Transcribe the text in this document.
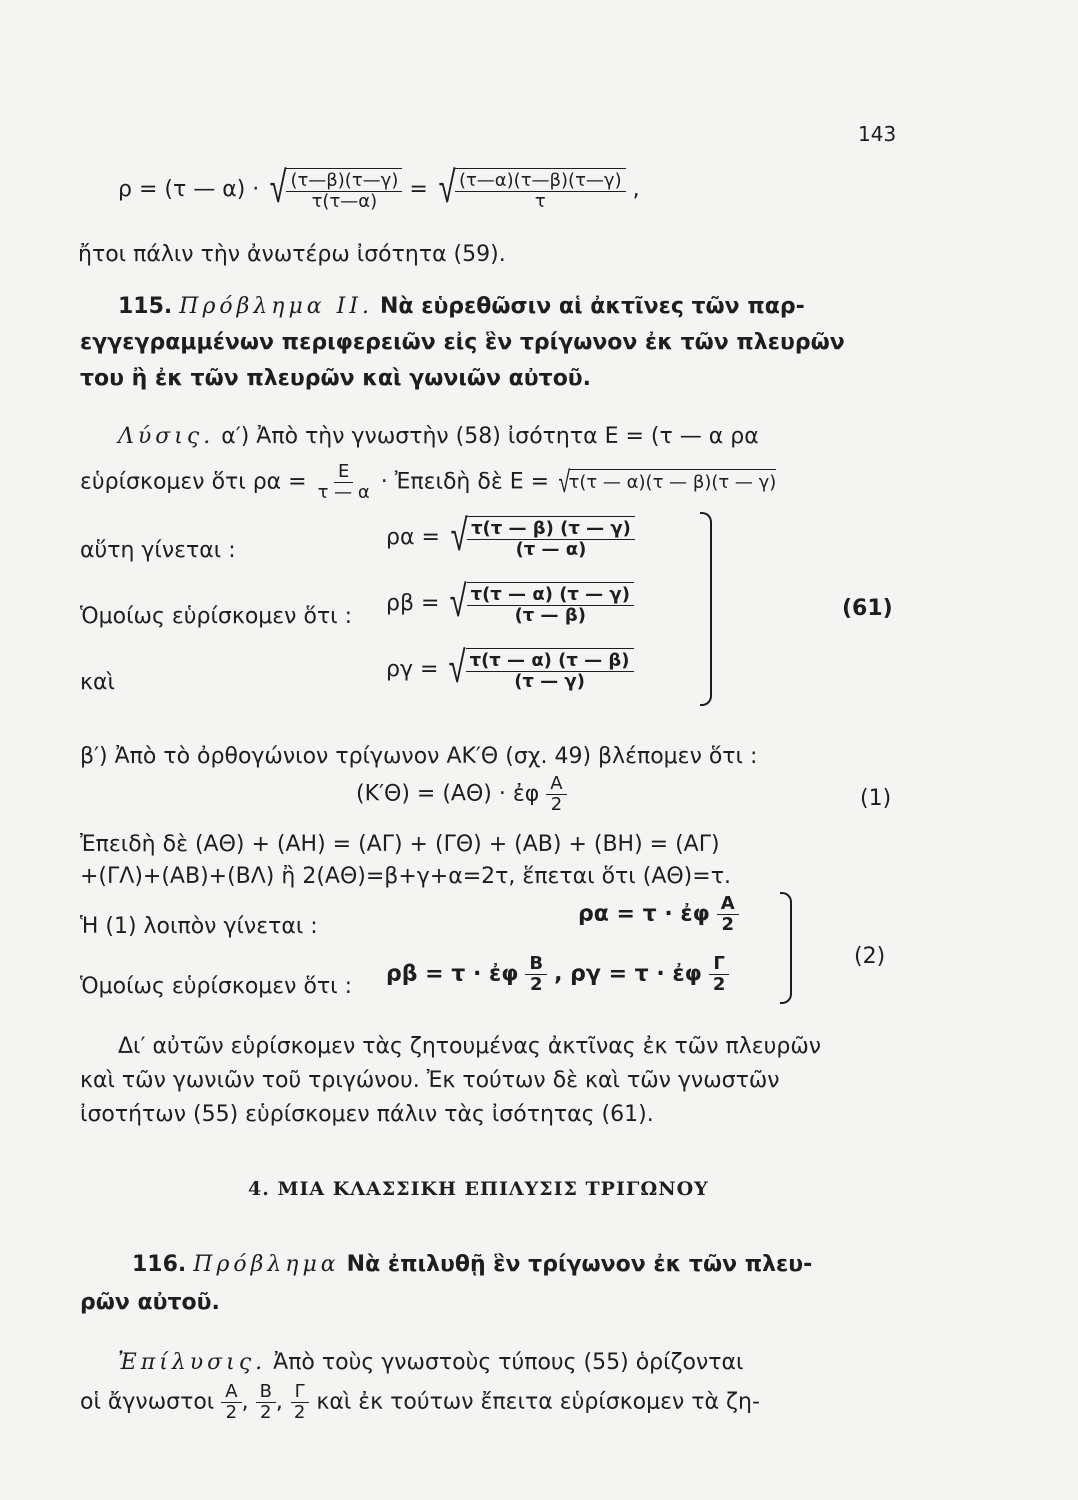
143
ρ = (τ — α) · √ $\frac{(\tau—\beta)(\tau—\gamma)}{\tau(\tau—\alpha)}$ = √ $\frac{(\tau—\alpha)(\tau—\beta)(\tau—\gamma)}{\tau}$ ,
ἤτοι πάλιν τὴν ἀνωτέρω ἰσότητα (59).
115. Πρόβλημα ΙΙ. Νὰ εὑρεθῶσιν αἱ ἀκτῖνες τῶν παρ-
εγγεγραμμένων περιφερειῶν εἰς ἓν τρίγωνον ἐκ τῶν πλευρῶν
του ἢ ἐκ τῶν πλευρῶν καὶ γωνιῶν αὐτοῦ.
Λύσις. α′) Ἀπὸ τὴν γνωστὴν (58) ἰσότητα Ε = (τ — α ρα
εὑρίσκομεν ὅτι $\rho\alpha = \frac{E}{\tau — \alpha}$ · Ἐπειδὴ δὲ Ε = √
τ(τ — α)(τ — β)(τ — γ)
αὕτη γίνεται :
ρα = √ $\frac{\tau(\tau — \beta) (\tau — \gamma)}{(\tau — \alpha)}$
Ὁμοίως εὑρίσκομεν ὅτι :
ρβ = √ $\frac{\tau(\tau — \alpha) (\tau — \gamma)}{(\tau — \beta)}$
καὶ
ργ = √ $\frac{\tau(\tau — \alpha) (\tau — \beta)}{(\tau — \gamma)}$
(61)
β′) Ἀπὸ τὸ ὀρθογώνιον τρίγωνον ΑΚ′Θ (σχ. 49) βλέπομεν ὅτι :
(Κ′Θ) = (ΑΘ) · ἐφ $\frac{A}{2}$	(1)
Ἐπειδὴ δὲ (ΑΘ) + (ΑΗ) = (ΑΓ) + (ΓΘ) + (ΑΒ) + (ΒΗ) = (ΑΓ)
+(ΓΛ)+(ΑΒ)+(ΒΛ) ἢ 2(ΑΘ)=β+γ+α=2τ, ἕπεται ὅτι (ΑΘ)=τ.
Ἡ (1) λοιπὸν γίνεται :
ρα = τ · ἐφ $\frac{A}{2}$
Ὁμοίως εὑρίσκομεν ὅτι :
ρβ = τ · ἐφ $\frac{B}{2}$ , ργ = τ · ἐφ $\frac{\Gamma}{2}$	(2)
Δι′ αὐτῶν εὑρίσκομεν τὰς ζητουμένας ἀκτῖνας ἐκ τῶν πλευρῶν
καὶ τῶν γωνιῶν τοῦ τριγώνου. Ἐκ τούτων δὲ καὶ τῶν γνωστῶν
ἰσοτήτων (55) εὑρίσκομεν πάλιν τὰς ἰσότητας (61).
4. ΜΙΑ ΚΛΑΣΣΙΚΗ ΕΠΙΛΥΣΙΣ ΤΡΙΓΩΝΟΥ
116. Πρόβλημα Νὰ ἐπιλυθῇ ἓν τρίγωνον ἐκ τῶν πλευ-
ρῶν αὐτοῦ.
Ἐπίλυσις. Ἀπὸ τοὺς γνωστοὺς τύπους (55) ὁρίζονται
οἱ ἄγνωστοι $\frac{A}{2}$ , $\frac{B}{2}$ , $\frac{\Gamma}{2}$ καὶ ἐκ τούτων ἔπειτα εὑρίσκομεν τὰ ζη-
